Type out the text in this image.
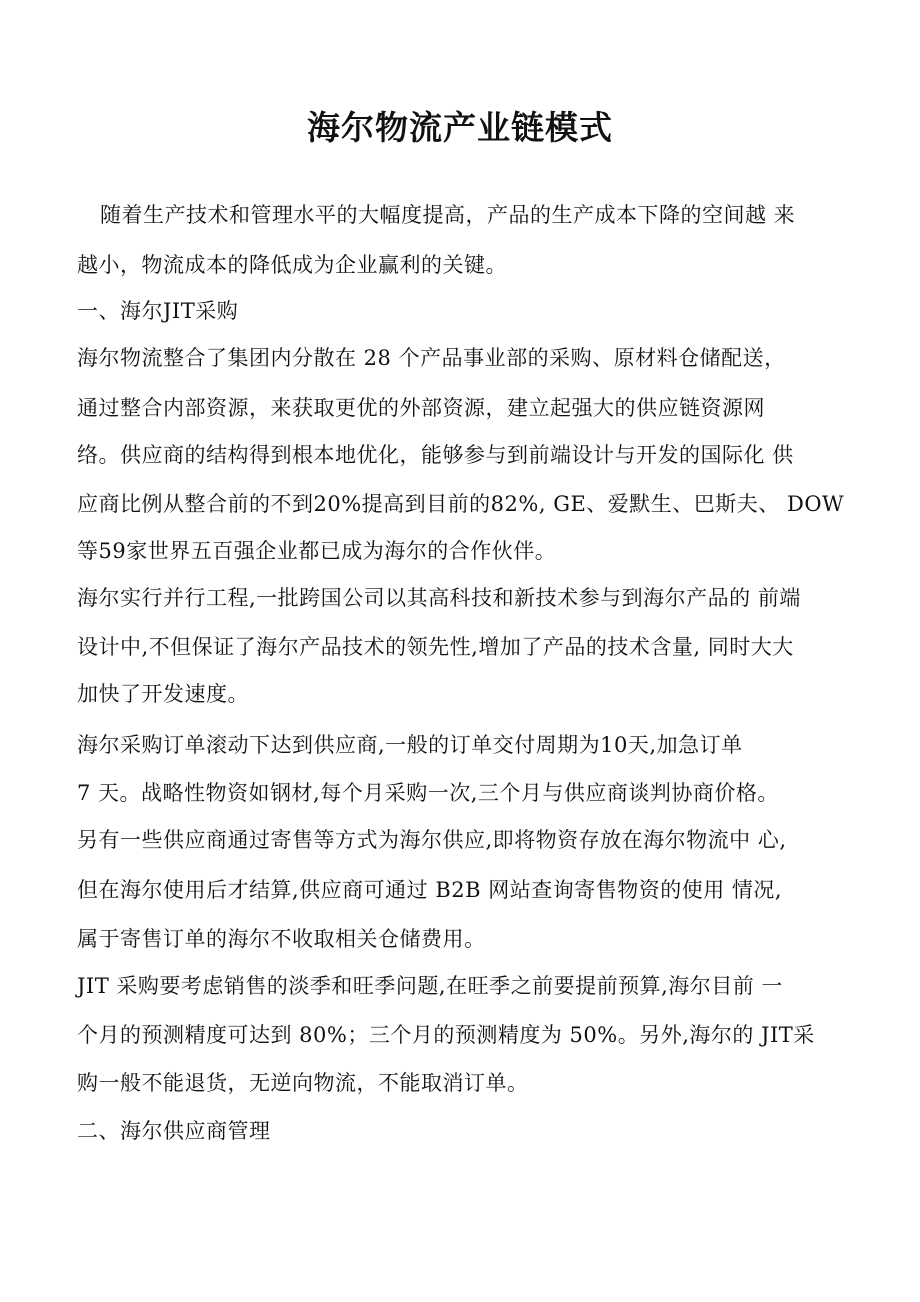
海尔物流产业链模式
随着生产技术和管理水平的大幅度提高，产品的生产成本下降的空间越 来
越小，物流成本的降低成为企业赢利的关键。
一、海尔JIT采购
海尔物流整合了集团内分散在 28 个产品事业部的采购、原材料仓储配送，
通过整合内部资源，来获取更优的外部资源，建立起强大的供应链资源网
络。供应商的结构得到根本地优化，能够参与到前端设计与开发的国际化 供
应商比例从整合前的不到20%提高到目前的82%, GE、爱默生、巴斯夫、 DOW
等59家世界五百强企业都已成为海尔的合作伙伴。
海尔实行并行工程,一批跨国公司以其高科技和新技术参与到海尔产品的 前端
设计中,不但保证了海尔产品技术的领先性,增加了产品的技术含量, 同时大大
加快了开发速度。
海尔采购订单滚动下达到供应商,一般的订单交付周期为10天,加急订单
7 天。战略性物资如钢材,每个月采购一次,三个月与供应商谈判协商价格。
另有一些供应商通过寄售等方式为海尔供应,即将物资存放在海尔物流中 心,
但在海尔使用后才结算,供应商可通过 B2B 网站查询寄售物资的使用 情况,
属于寄售订单的海尔不收取相关仓储费用。
JIT 采购要考虑销售的淡季和旺季问题,在旺季之前要提前预算,海尔目前 一
个月的预测精度可达到 80%；三个月的预测精度为 50%。另外,海尔的 JIT采
购一般不能退货，无逆向物流，不能取消订单。
二、海尔供应商管理
